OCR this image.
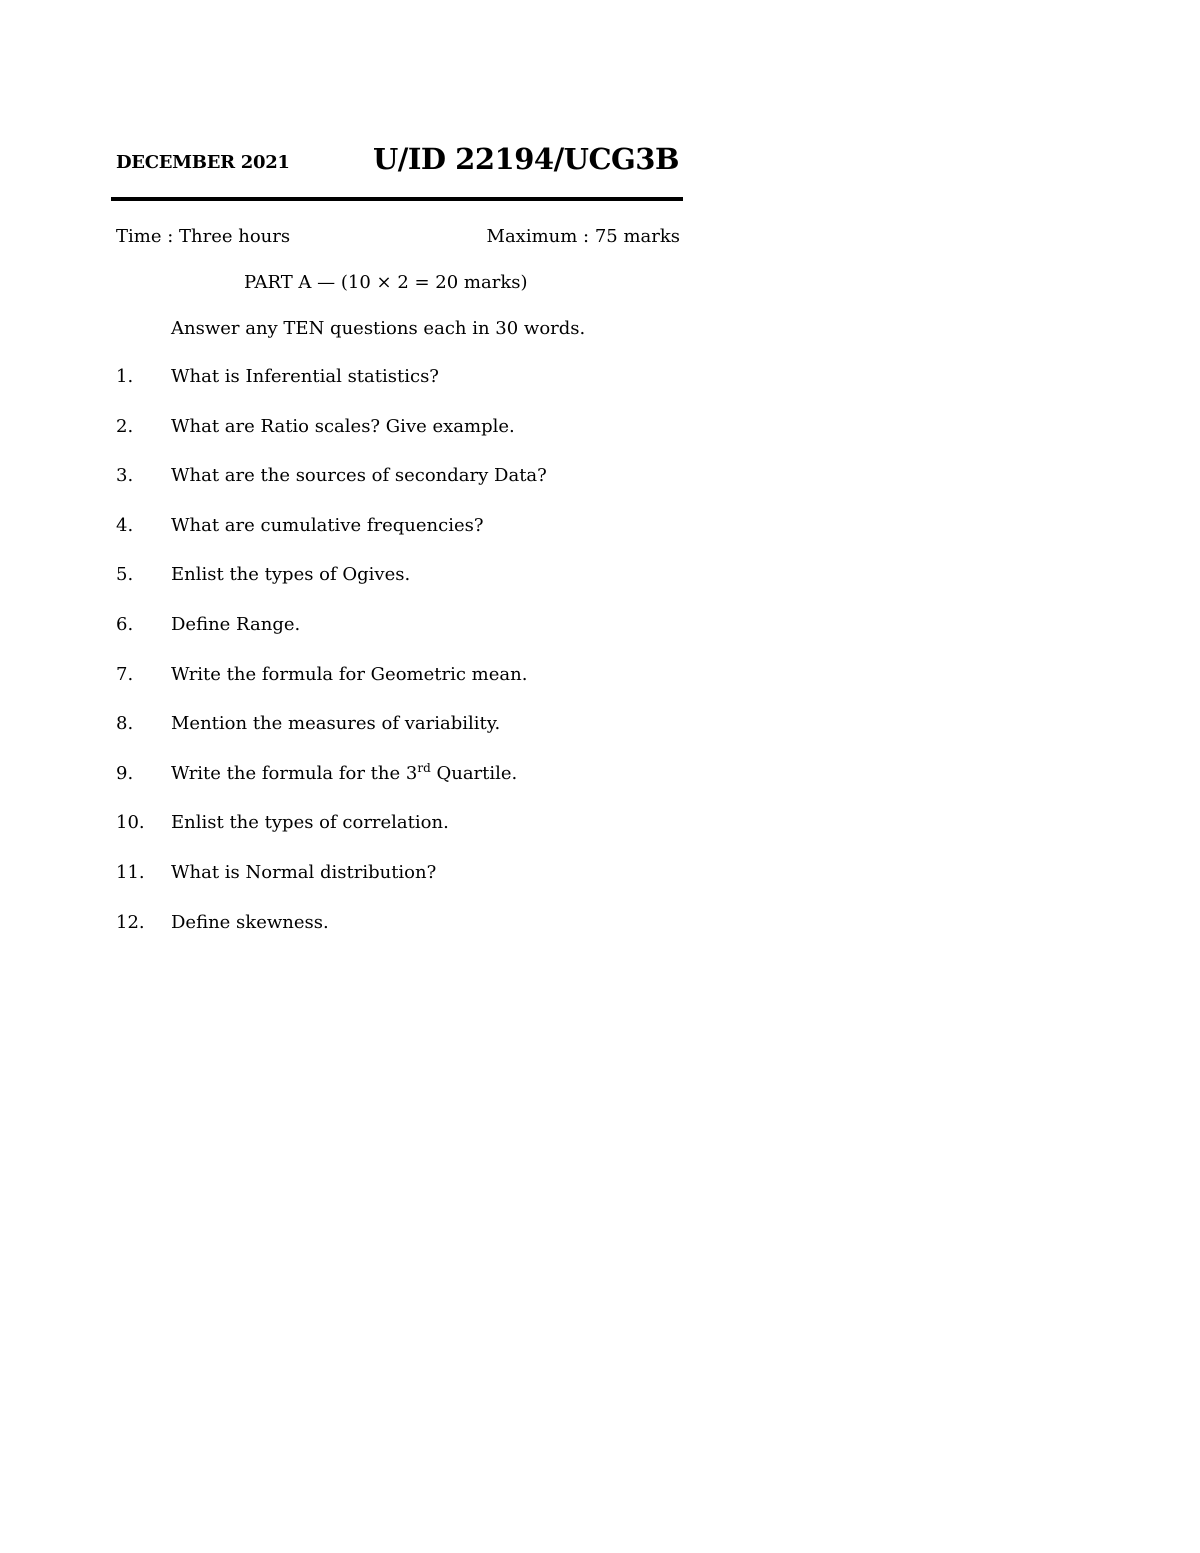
DECEMBER 2021	U/ID 22194/UCG3B
Time : Three hours	Maximum : 75 marks
PART A — (10 × 2 = 20 marks)
Answer any TEN questions each in 30 words.
1. What is Inferential statistics?
2. What are Ratio scales? Give example.
3. What are the sources of secondary Data?
4. What are cumulative frequencies?
5. Enlist the types of Ogives.
6. Define Range.
7. Write the formula for Geometric mean.
8. Mention the measures of variability.
9. Write the formula for the 3rd Quartile.
10. Enlist the types of correlation.
11. What is Normal distribution?
12. Define skewness.
